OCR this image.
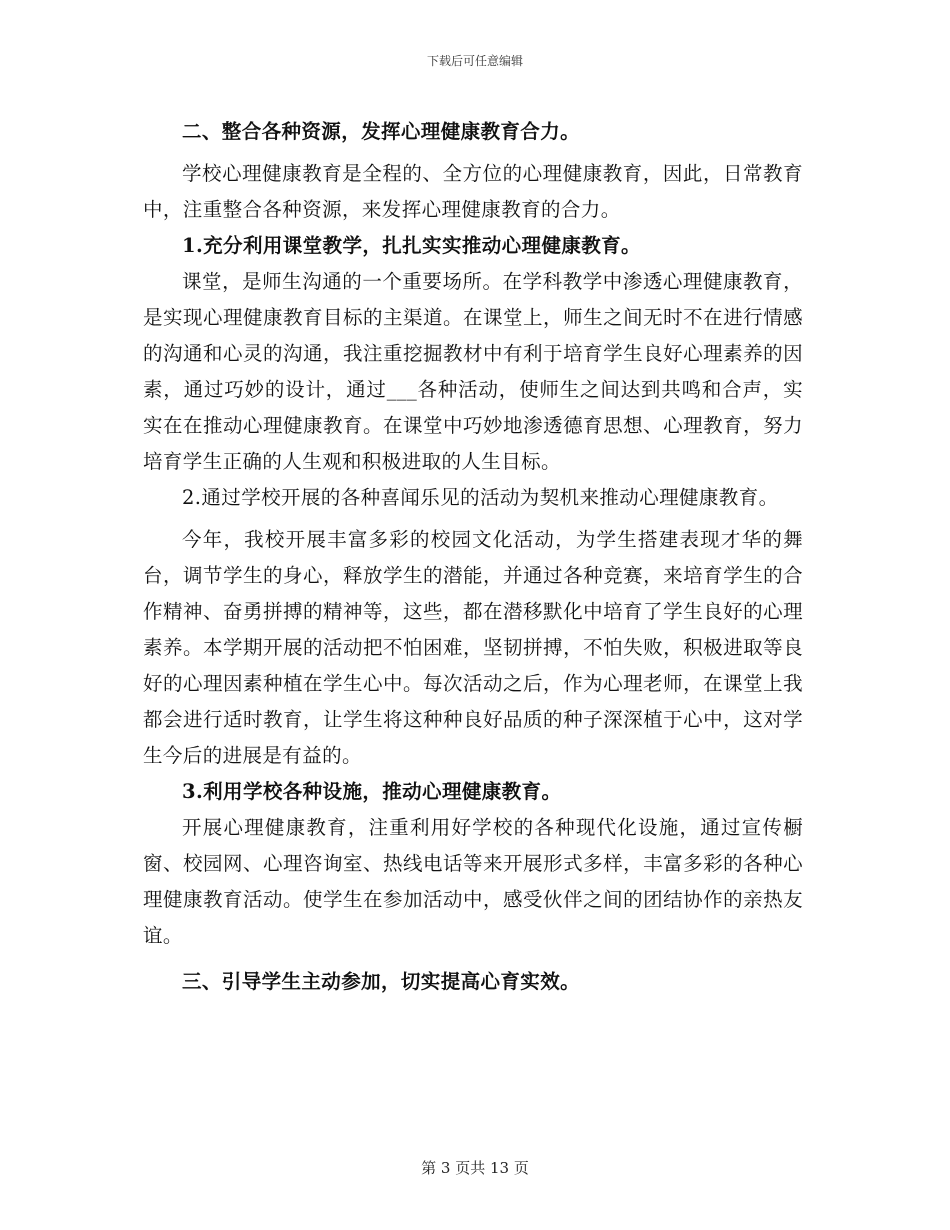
下载后可任意编辑

二、整合各种资源，发挥心理健康教育合力。

学校心理健康教育是全程的、全方位的心理健康教育，因此，日常教育中，注重整合各种资源，来发挥心理健康教育的合力。

1.充分利用课堂教学，扎扎实实推动心理健康教育。

课堂，是师生沟通的一个重要场所。在学科教学中渗透心理健康教育，是实现心理健康教育目标的主渠道。在课堂上，师生之间无时不在进行情感的沟通和心灵的沟通，我注重挖掘教材中有利于培育学生良好心理素养的因素，通过巧妙的设计，通过___各种活动，使师生之间达到共鸣和合声，实实在在推动心理健康教育。在课堂中巧妙地渗透德育思想、心理教育，努力培育学生正确的人生观和积极进取的人生目标。

2.通过学校开展的各种喜闻乐见的活动为契机来推动心理健康教育。

今年，我校开展丰富多彩的校园文化活动，为学生搭建表现才华的舞台，调节学生的身心，释放学生的潜能，并通过各种竞赛，来培育学生的合作精神、奋勇拼搏的精神等，这些，都在潜移默化中培育了学生良好的心理素养。本学期开展的活动把不怕困难，坚韧拼搏，不怕失败，积极进取等良好的心理因素种植在学生心中。每次活动之后，作为心理老师，在课堂上我都会进行适时教育，让学生将这种种良好品质的种子深深植于心中，这对学生今后的进展是有益的。

3.利用学校各种设施，推动心理健康教育。

开展心理健康教育，注重利用好学校的各种现代化设施，通过宣传橱窗、校园网、心理咨询室、热线电话等来开展形式多样，丰富多彩的各种心理健康教育活动。使学生在参加活动中，感受伙伴之间的团结协作的亲热友谊。

三、引导学生主动参加，切实提高心育实效。

第 3 页共 13 页
